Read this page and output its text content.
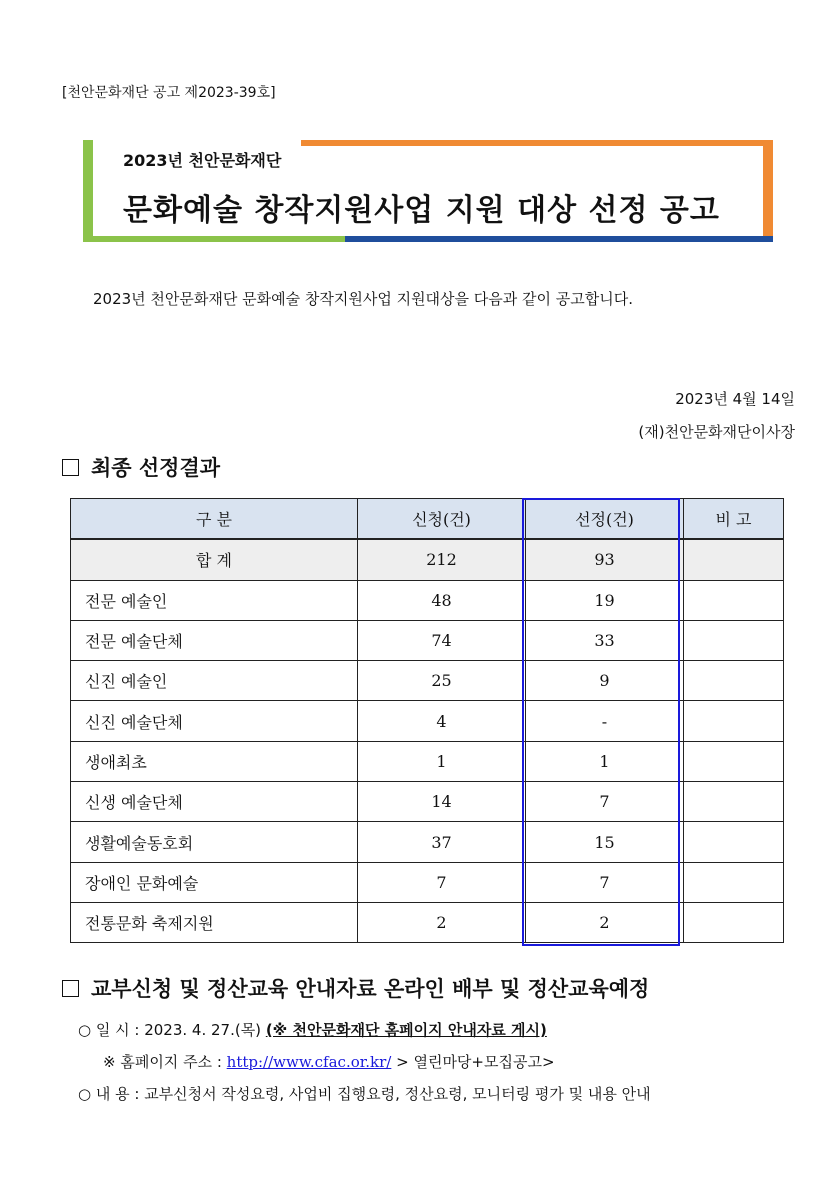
[천안문화재단 공고 제2023-39호]
2023년 천안문화재단
문화예술 창작지원사업 지원 대상 선정 공고
2023년 천안문화재단 문화예술 창작지원사업 지원대상을 다음과 같이 공고합니다.
2023년 4월 14일
(재)천안문화재단이사장
최종 선정결과
구 분	신청(건)	선정(건)	비 고
합 계	212	93	
전문 예술인	48	19	
전문 예술단체	74	33	
신진 예술인	25	9	
신진 예술단체	4	-	
생애최초	1	1	
신생 예술단체	14	7	
생활예술동호회	37	15	
장애인 문화예술	7	7	
전통문화 축제지원	2	2	
교부신청 및 정산교육 안내자료 온라인 배부 및 정산교육예정
○ 일 시 : 2023. 4. 27.(목) (※ 천안문화재단 홈페이지 안내자료 게시)
※ 홈페이지 주소 : http://www.cfac.or.kr/ > 열린마당+모집공고>
○ 내 용 : 교부신청서 작성요령, 사업비 집행요령, 정산요령, 모니터링 평가 및 내용 안내
